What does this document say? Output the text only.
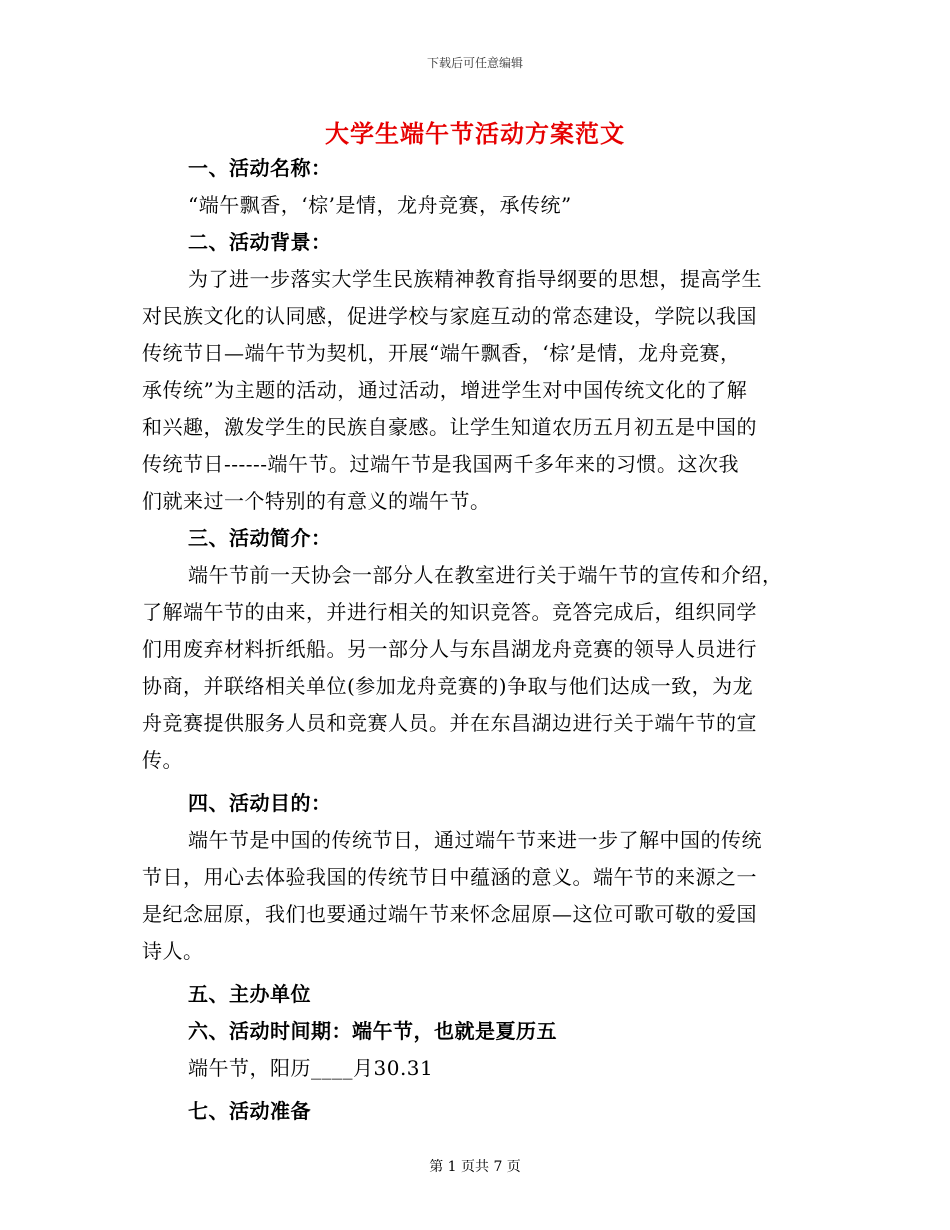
下载后可任意编辑
大学生端午节活动方案范文
一、活动名称：
“端午飘香，‘棕’是情，龙舟竞赛，承传统”
二、活动背景：
为了进一步落实大学生民族精神教育指导纲要的思想，提高学生
对民族文化的认同感，促进学校与家庭互动的常态建设，学院以我国
传统节日—端午节为契机，开展“端午飘香，‘棕’是情，龙舟竞赛，
承传统”为主题的活动，通过活动，增进学生对中国传统文化的了解
和兴趣，激发学生的民族自豪感。让学生知道农历五月初五是中国的
传统节日------端午节。过端午节是我国两千多年来的习惯。这次我
们就来过一个特别的有意义的端午节。
三、活动简介：
端午节前一天协会一部分人在教室进行关于端午节的宣传和介绍，
了解端午节的由来，并进行相关的知识竞答。竞答完成后，组织同学
们用废弃材料折纸船。另一部分人与东昌湖龙舟竞赛的领导人员进行
协商，并联络相关单位(参加龙舟竞赛的)争取与他们达成一致，为龙
舟竞赛提供服务人员和竞赛人员。并在东昌湖边进行关于端午节的宣
传。
四、活动目的：
端午节是中国的传统节日，通过端午节来进一步了解中国的传统
节日，用心去体验我国的传统节日中蕴涵的意义。端午节的来源之一
是纪念屈原，我们也要通过端午节来怀念屈原—这位可歌可敬的爱国
诗人。
五、主办单位
六、活动时间期：端午节，也就是夏历五
端午节，阳历____月30.31
七、活动准备
第 1 页共 7 页
